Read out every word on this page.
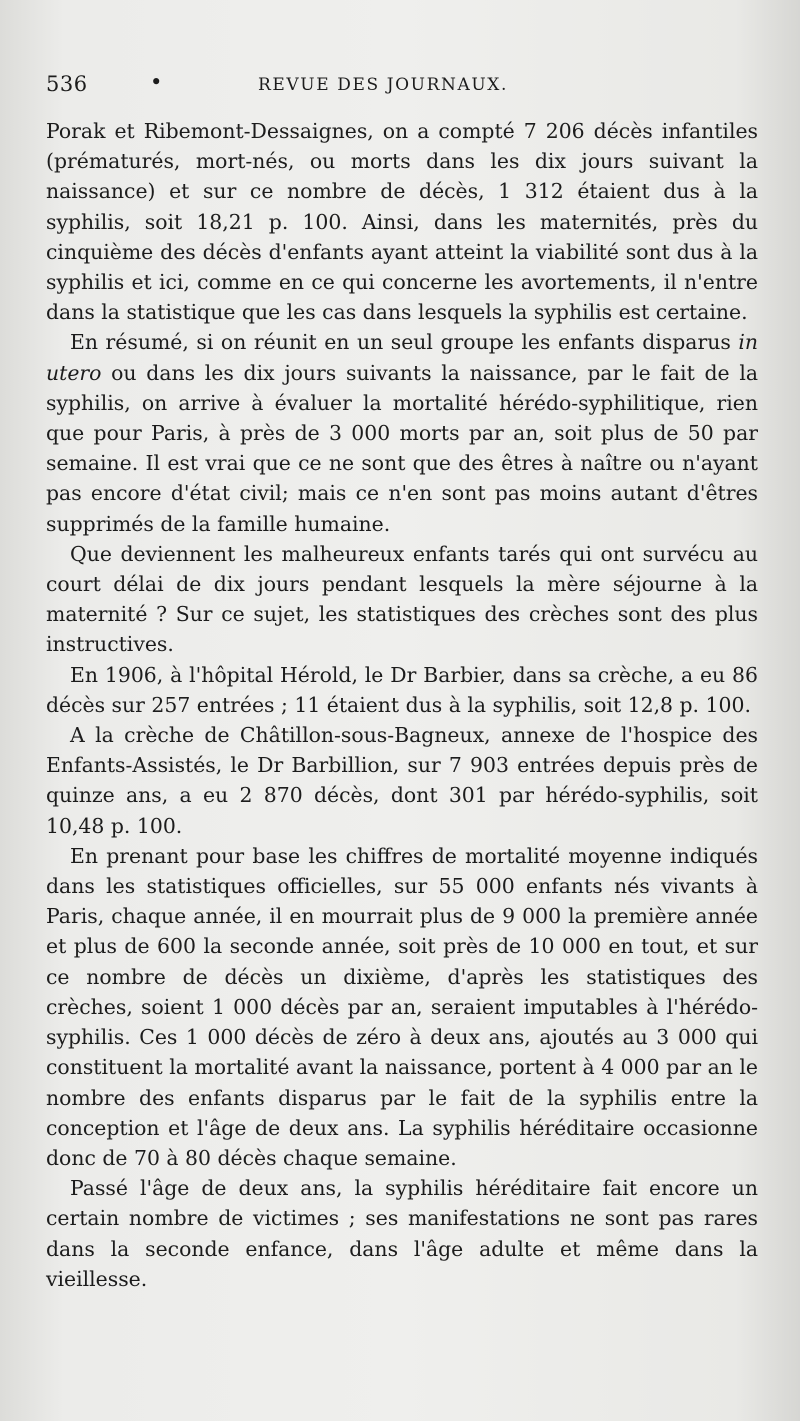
536	•	REVUE DES JOURNAUX.

Porak et Ribemont-Dessaignes, on a compté 7 206 décès infantiles (prématurés, mort-nés, ou morts dans les dix jours suivant la naissance) et sur ce nombre de décès, 1 312 étaient dus à la syphilis, soit 18,21 p. 100. Ainsi, dans les maternités, près du cinquième des décès d'enfants ayant atteint la viabilité sont dus à la syphilis et ici, comme en ce qui concerne les avortements, il n'entre dans la statistique que les cas dans lesquels la syphilis est certaine.

En résumé, si on réunit en un seul groupe les enfants disparus in utero ou dans les dix jours suivants la naissance, par le fait de la syphilis, on arrive à évaluer la mortalité hérédo-syphilitique, rien que pour Paris, à près de 3 000 morts par an, soit plus de 50 par semaine. Il est vrai que ce ne sont que des êtres à naître ou n'ayant pas encore d'état civil; mais ce n'en sont pas moins autant d'êtres supprimés de la famille humaine.

Que deviennent les malheureux enfants tarés qui ont survécu au court délai de dix jours pendant lesquels la mère séjourne à la maternité ? Sur ce sujet, les statistiques des crèches sont des plus instructives.

En 1906, à l'hôpital Hérold, le Dr Barbier, dans sa crèche, a eu 86 décès sur 257 entrées ; 11 étaient dus à la syphilis, soit 12,8 p. 100.

A la crèche de Châtillon-sous-Bagneux, annexe de l'hospice des Enfants-Assistés, le Dr Barbillion, sur 7 903 entrées depuis près de quinze ans, a eu 2 870 décès, dont 301 par hérédo-syphilis, soit 10,48 p. 100.

En prenant pour base les chiffres de mortalité moyenne indiqués dans les statistiques officielles, sur 55 000 enfants nés vivants à Paris, chaque année, il en mourrait plus de 9 000 la première année et plus de 600 la seconde année, soit près de 10 000 en tout, et sur ce nombre de décès un dixième, d'après les statistiques des crèches, soient 1 000 décès par an, seraient imputables à l'hérédo-syphilis. Ces 1 000 décès de zéro à deux ans, ajoutés au 3 000 qui constituent la mortalité avant la naissance, portent à 4 000 par an le nombre des enfants disparus par le fait de la syphilis entre la conception et l'âge de deux ans. La syphilis héréditaire occasionne donc de 70 à 80 décès chaque semaine.

Passé l'âge de deux ans, la syphilis héréditaire fait encore un certain nombre de victimes ; ses manifestations ne sont pas rares dans la seconde enfance, dans l'âge adulte et même dans la vieillesse.
